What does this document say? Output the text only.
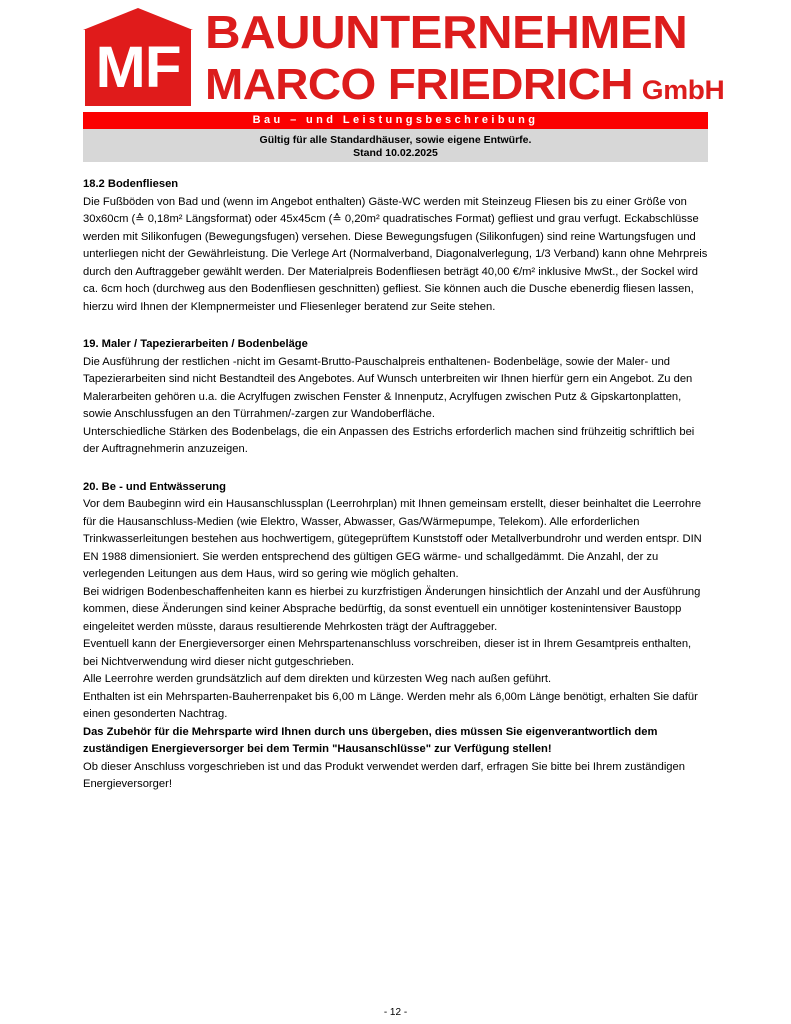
MF
BAUUNTERNEHMEN
MARCO FRIEDRICH GmbH
Bau – und Leistungsbeschreibung
Gültig für alle Standardhäuser, sowie eigene Entwürfe.
Stand 10.02.2025
18.2 Bodenfliesen

Die Fußböden von Bad und (wenn im Angebot enthalten) Gäste-WC werden mit Steinzeug Fliesen bis zu einer Größe von 30x60cm (≙ 0,18m² Längsformat) oder 45x45cm (≙ 0,20m² quadratisches Format) gefliest und grau verfugt. Eckabschlüsse werden mit Silikonfugen (Bewegungsfugen) versehen. Diese Bewegungsfugen (Silikonfugen) sind reine Wartungsfugen und unterliegen nicht der Gewährleistung. Die Verlege Art (Normalverband, Diagonalverlegung, 1/3 Verband) kann ohne Mehrpreis durch den Auftraggeber gewählt werden. Der Materialpreis Bodenfliesen beträgt 40,00 €/m² inklusive MwSt., der Sockel wird ca. 6cm hoch (durchweg aus den Bodenfliesen geschnitten) gefliest. Sie können auch die Dusche ebenerdig fliesen lassen, hierzu wird Ihnen der Klempnermeister und Fliesenleger beratend zur Seite stehen.

19. Maler / Tapezierarbeiten / Bodenbeläge

Die Ausführung der restlichen -nicht im Gesamt-Brutto-Pauschalpreis enthaltenen- Bodenbeläge, sowie der Maler- und Tapezierarbeiten sind nicht Bestandteil des Angebotes. Auf Wunsch unterbreiten wir Ihnen hierfür gern ein Angebot. Zu den Malerarbeiten gehören u.a. die Acrylfugen zwischen Fenster & Innenputz, Acrylfugen zwischen Putz & Gipskartonplatten, sowie Anschlussfugen an den Türrahmen/-zargen zur Wandoberfläche.

Unterschiedliche Stärken des Bodenbelags, die ein Anpassen des Estrichs erforderlich machen sind frühzeitig schriftlich bei der Auftragnehmerin anzuzeigen.

20. Be - und Entwässerung

Vor dem Baubeginn wird ein Hausanschlussplan (Leerrohrplan) mit Ihnen gemeinsam erstellt, dieser beinhaltet die Leerrohre für die Hausanschluss-Medien (wie Elektro, Wasser, Abwasser, Gas/Wärmepumpe, Telekom). Alle erforderlichen Trinkwasserleitungen bestehen aus hochwertigem, gütegeprüftem Kunststoff oder Metallverbundrohr und werden entspr. DIN EN 1988 dimensioniert. Sie werden entsprechend des gültigen GEG wärme- und schallgedämmt. Die Anzahl, der zu verlegenden Leitungen aus dem Haus, wird so gering wie möglich gehalten.

Bei widrigen Bodenbeschaffenheiten kann es hierbei zu kurzfristigen Änderungen hinsichtlich der Anzahl und der Ausführung kommen, diese Änderungen sind keiner Absprache bedürftig, da sonst eventuell ein unnötiger kostenintensiver Baustopp eingeleitet werden müsste, daraus resultierende Mehrkosten trägt der Auftraggeber.

Eventuell kann der Energieversorger einen Mehrspartenanschluss vorschreiben, dieser ist in Ihrem Gesamtpreis enthalten, bei Nichtverwendung wird dieser nicht gutgeschrieben.

Alle Leerrohre werden grundsätzlich auf dem direkten und kürzesten Weg nach außen geführt.

Enthalten ist ein Mehrsparten-Bauherrenpaket bis 6,00 m Länge. Werden mehr als 6,00m Länge benötigt, erhalten Sie dafür einen gesonderten Nachtrag.

Das Zubehör für die Mehrsparte wird Ihnen durch uns übergeben, dies müssen Sie eigenverantwortlich dem zuständigen Energieversorger bei dem Termin "Hausanschlüsse" zur Verfügung stellen!

Ob dieser Anschluss vorgeschrieben ist und das Produkt verwendet werden darf, erfragen Sie bitte bei Ihrem zuständigen Energieversorger!

- 12 -
